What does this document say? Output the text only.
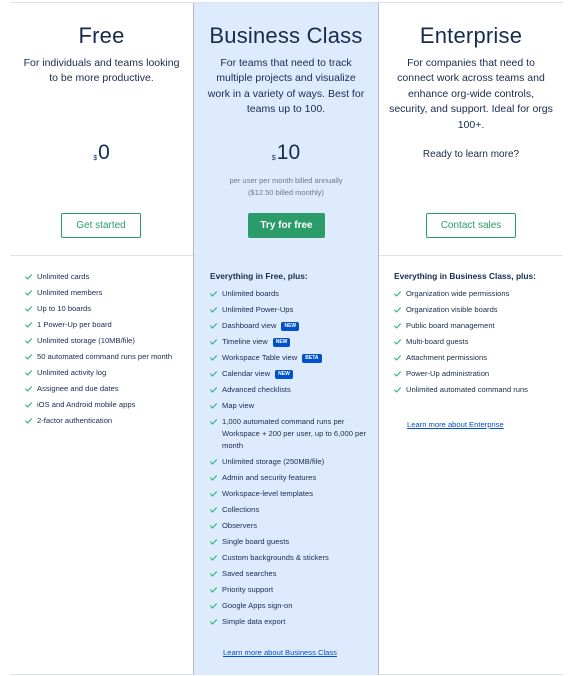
Free

For individuals and teams looking to be more productive.

$0
Get started
Unlimited cards
Unlimited members
Up to 10 boards
1 Power-Up per board
Unlimited storage (10MB/file)
50 automated command runs per month
Unlimited activity log
Assignee and due dates
iOS and Android mobile apps
2-factor authentication
Business Class

For teams that need to track multiple projects and visualize work in a variety of ways. Best for teams up to 100.

$10
per user per month billed annually
($12.50 billed monthly)
Try for free
Everything in Free, plus:
Unlimited boards
Unlimited Power-Ups
Dashboard view NEW
Timeline view NEW
Workspace Table view BETA
Calendar view NEW
Advanced checklists
Map view
1,000 automated command runs per Workspace + 200 per user, up to 6,000 per month
Unlimited storage (250MB/file)
Admin and security features
Workspace-level templates
Collections
Observers
Single board guests
Custom backgrounds & stickers
Saved searches
Priority support
Google Apps sign-on
Simple data export
Learn more about Business Class
Enterprise

For companies that need to connect work across teams and enhance org-wide controls, security, and support. Ideal for orgs 100+.

Ready to learn more?
Contact sales
Everything in Business Class, plus:
Organization wide permissions
Organization visible boards
Public board management
Multi-board guests
Attachment permissions
Power-Up administration
Unlimited automated command runs
Learn more about Enterprise
